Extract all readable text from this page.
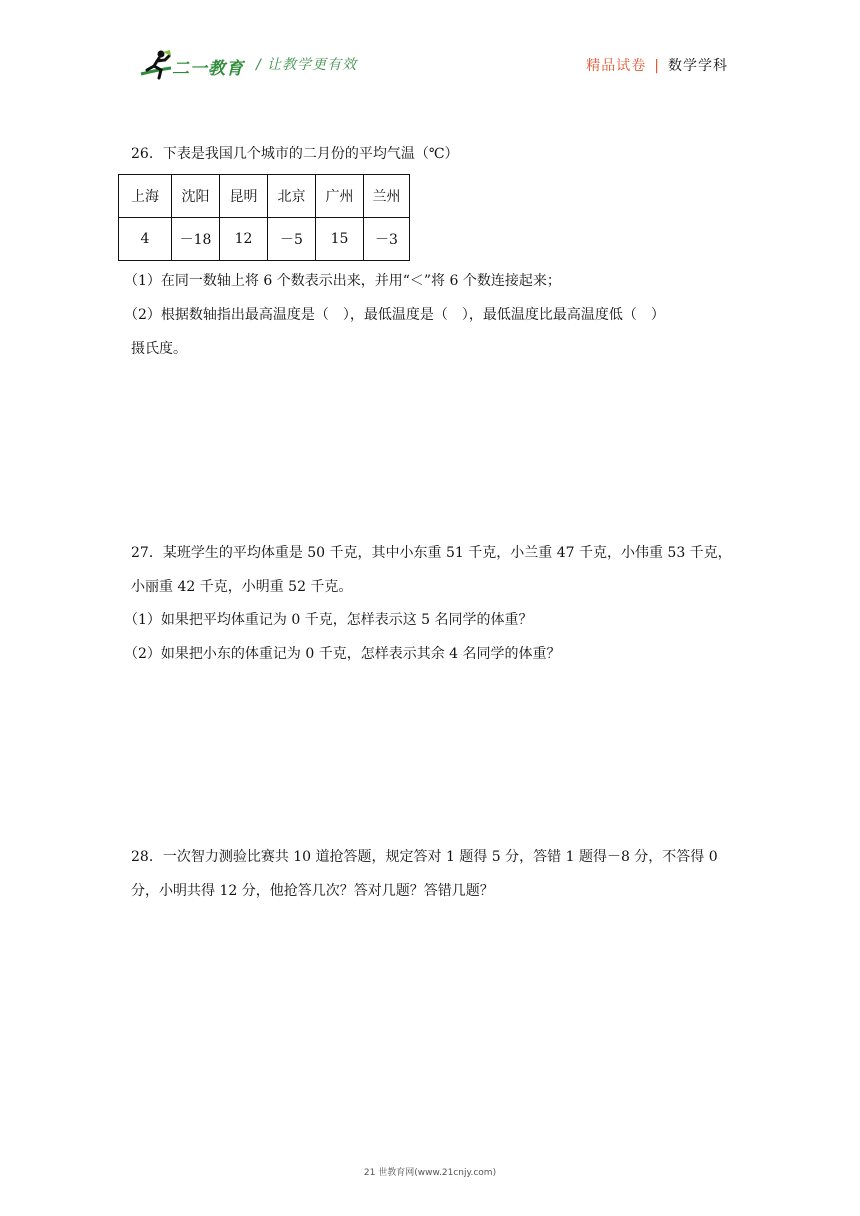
二一教育 / 让教学更有效	精品试卷 | 数学学科

26．下表是我国几个城市的二月份的平均气温（℃）

上海	沈阳	昆明	北京	广州	兰州
4	－18	12	－5	15	－3

（1）在同一数轴上将 6 个数表示出来，并用“＜”将 6 个数连接起来；

（2）根据数轴指出最高温度是（　），最低温度是（　），最低温度比最高温度低（　）

摄氏度。

27．某班学生的平均体重是 50 千克，其中小东重 51 千克，小兰重 47 千克，小伟重 53 千克，

小丽重 42 千克，小明重 52 千克。

（1）如果把平均体重记为 0 千克，怎样表示这 5 名同学的体重？

（2）如果把小东的体重记为 0 千克，怎样表示其余 4 名同学的体重？

28．一次智力测验比赛共 10 道抢答题，规定答对 1 题得 5 分，答错 1 题得－8 分，不答得 0

分，小明共得 12 分，他抢答几次？答对几题？答错几题？

21 世教育网(www.21cnjy.com)
